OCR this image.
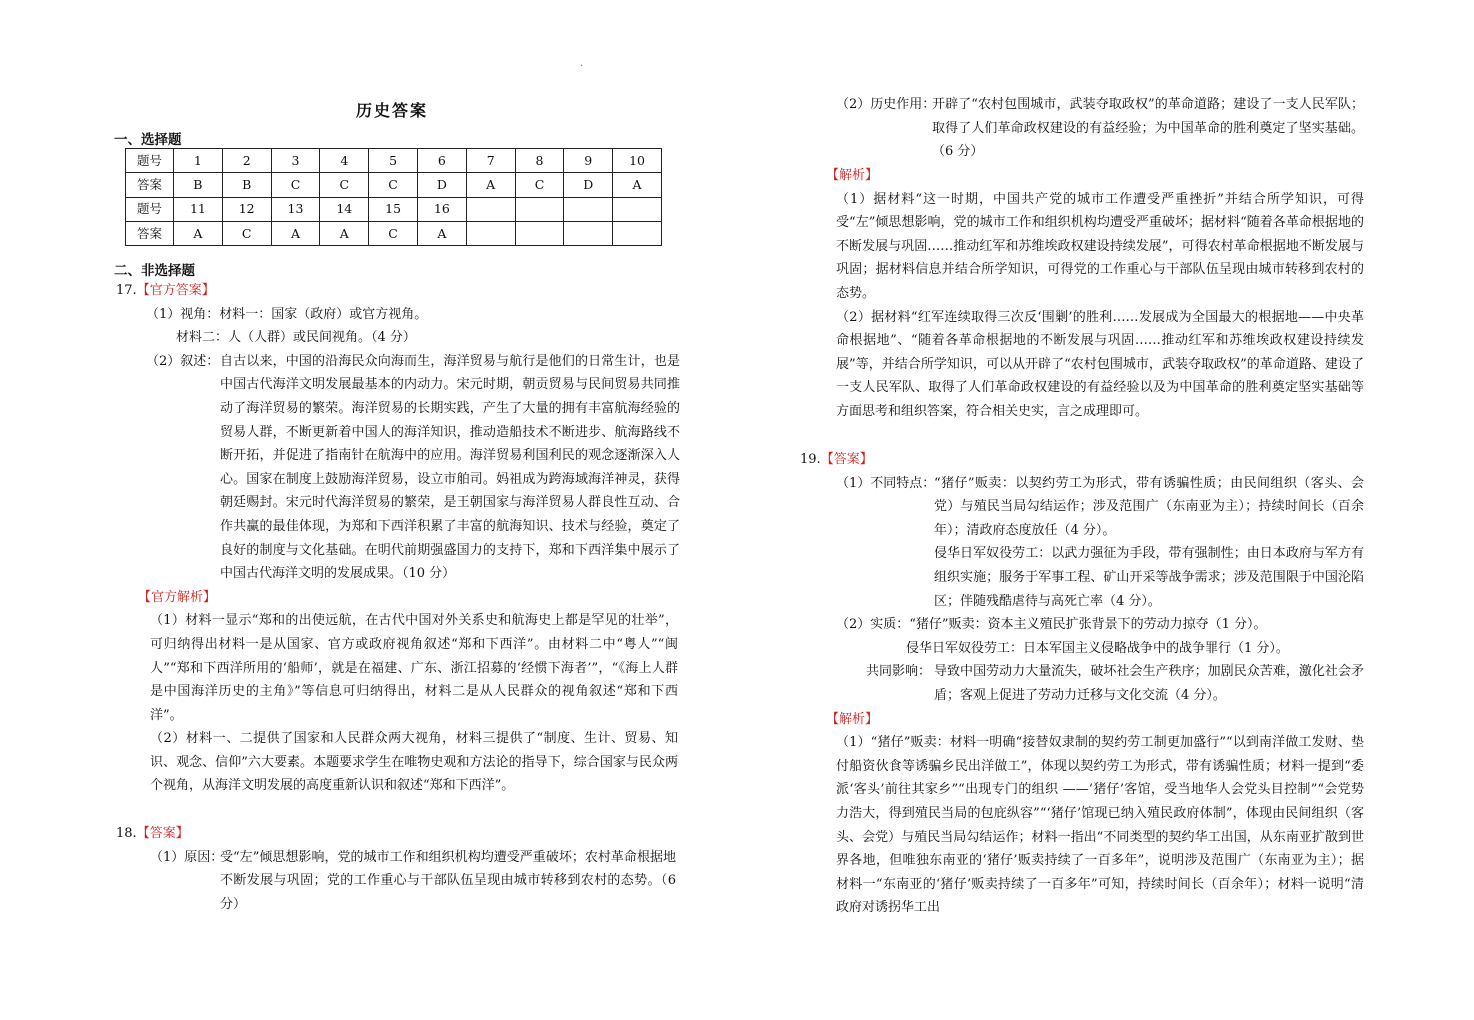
.
历史答案
一、选择题
题号	1	2	3	4	5	6	7	8	9	10
答案	B	B	C	C	C	D	A	C	D	A
题号	11	12	13	14	15	16				
答案	A	C	A	A	C	A				
二、非选择题
17.【官方答案】
（1）视角：材料一：国家（政府）或官方视角。
材料二：人（人群）或民间视角。（4 分）
（2）叙述： 自古以来，中国的沿海民众向海而生，海洋贸易与航行是他们的日常生计，也是中国古代海洋文明发展最基本的内动力。宋元时期，朝贡贸易与民间贸易共同推动了海洋贸易的繁荣。海洋贸易的长期实践，产生了大量的拥有丰富航海经验的贸易人群，不断更新着中国人的海洋知识，推动造船技术不断进步、航海路线不断开拓，并促进了指南针在航海中的应用。海洋贸易利国利民的观念逐渐深入人心。国家在制度上鼓励海洋贸易，设立市舶司。妈祖成为跨海域海洋神灵，获得朝廷赐封。宋元时代海洋贸易的繁荣，是王朝国家与海洋贸易人群良性互动、合作共赢的最佳体现，为郑和下西洋积累了丰富的航海知识、技术与经验，奠定了良好的制度与文化基础。在明代前期强盛国力的支持下，郑和下西洋集中展示了中国古代海洋文明的发展成果。（10 分）
【官方解析】
（1）材料一显示“郑和的出使远航，在古代中国对外关系史和航海史上都是罕见的壮举”，可归纳得出材料一是从国家、官方或政府视角叙述“郑和下西洋”。由材料二中“粤人”“闽人”“郑和下西洋所用的‘船师’，就是在福建、广东、浙江招募的‘经惯下海者’”，“《海上人群是中国海洋历史的主角》”等信息可归纳得出，材料二是从人民群众的视角叙述“郑和下西洋”。
（2）材料一、二提供了国家和人民群众两大视角，材料三提供了“制度、生计、贸易、知识、观念、信仰”六大要素。本题要求学生在唯物史观和方法论的指导下，综合国家与民众两个视角，从海洋文明发展的高度重新认识和叙述“郑和下西洋”。
18.【答案】
（1）原因：
受“左”倾思想影响，党的城市工作和组织机构均遭受严重破坏；农村革命根据地不断发展与巩固；党的工作重心与干部队伍呈现由城市转移到农村的态势。（6 分）
（2）历史作用：
开辟了“农村包围城市，武装夺取政权”的革命道路；建设了一支人民军队；取得了人们革命政权建设的有益经验；为中国革命的胜利奠定了坚实基础。（6 分）
【解析】
（1）据材料“这一时期，中国共产党的城市工作遭受严重挫折”并结合所学知识，可得受“左”倾思想影响，党的城市工作和组织机构均遭受严重破坏；据材料“随着各革命根据地的不断发展与巩固……推动红军和苏维埃政权建设持续发展”，可得农村革命根据地不断发展与巩固；据材料信息并结合所学知识，可得党的工作重心与干部队伍呈现由城市转移到农村的态势。
（2）据材料“红军连续取得三次反‘围剿’的胜利……发展成为全国最大的根据地——中央革命根据地”、“随着各革命根据地的不断发展与巩固……推动红军和苏维埃政权建设持续发展”等，并结合所学知识，可以从开辟了“农村包围城市，武装夺取政权”的革命道路、建设了一支人民军队、取得了人们革命政权建设的有益经验以及为中国革命的胜利奠定坚实基础等方面思考和组织答案，符合相关史实，言之成理即可。
19.【答案】
（1）不同特点：
“猪仔”贩卖：以契约劳工为形式，带有诱骗性质；由民间组织（客头、会党）与殖民当局勾结运作；涉及范围广（东南亚为主）；持续时间长（百余年）；清政府态度放任（4 分）。
侵华日军奴役劳工：以武力强征为手段，带有强制性；由日本政府与军方有组织实施；服务于军事工程、矿山开采等战争需求；涉及范围限于中国沦陷区；伴随残酷虐待与高死亡率（4 分）。
（2）实质：“猪仔”贩卖：资本主义殖民扩张背景下的劳动力掠夺（1 分）。
侵华日军奴役劳工：日本军国主义侵略战争中的战争罪行（1 分）。
共同影响： 导致中国劳动力大量流失，破坏社会生产秩序；加剧民众苦难，激化社会矛盾；客观上促进了劳动力迁移与文化交流（4 分）。
【解析】
（1）“猪仔”贩卖：材料一明确“接替奴隶制的契约劳工制更加盛行”“以到南洋做工发财、垫付船资伙食等诱骗乡民出洋做工”，体现以契约劳工为形式，带有诱骗性质；材料一提到“委派‘客头’前往其家乡”“出现专门的组织 ——‘猪仔’客馆，受当地华人会党头目控制”“会党势力浩大，得到殖民当局的包庇纵容”“‘猪仔’馆现已纳入殖民政府体制”，体现由民间组织（客头、会党）与殖民当局勾结运作；材料一指出“不同类型的契约华工出国，从东南亚扩散到世界各地，但唯独东南亚的‘猪仔’贩卖持续了一百多年”，说明涉及范围广（东南亚为主）；据材料一“东南亚的‘猪仔’贩卖持续了一百多年”可知，持续时间长（百余年）；材料一说明“清政府对诱拐华工出
